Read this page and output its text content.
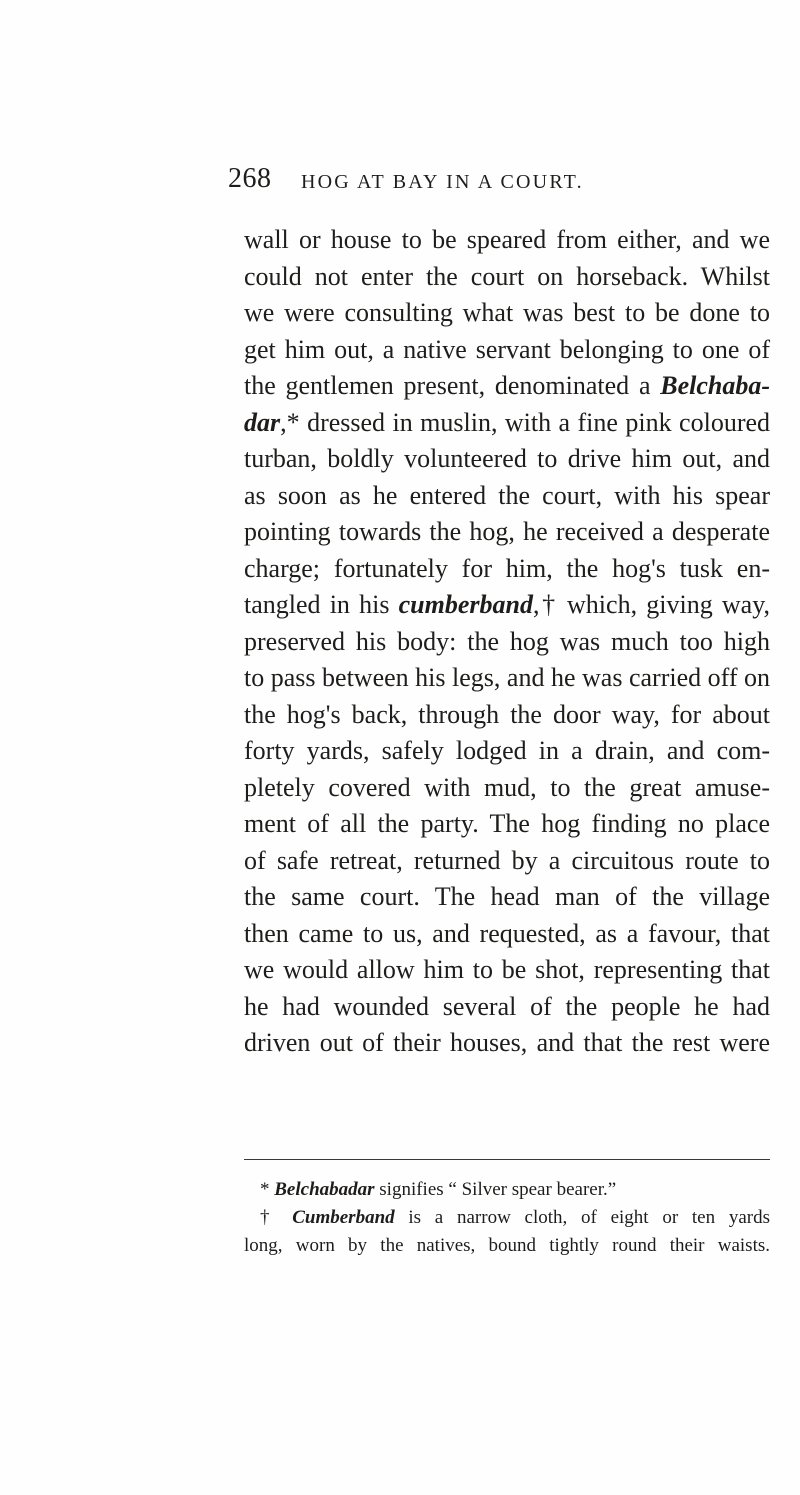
268 HOG AT BAY IN A COURT.
wall or house to be speared from either, and we
could not enter the court on horseback. Whilst
we were consulting what was best to be done to
get him out, a native servant belonging to one of
the gentlemen present, denominated a Belchaba-
dar,* dressed in muslin, with a fine pink coloured
turban, boldly volunteered to drive him out, and
as soon as he entered the court, with his spear
pointing towards the hog, he received a desperate
charge; fortunately for him, the hog's tusk en-
tangled in his cumberband,† which, giving way,
preserved his body: the hog was much too high
to pass between his legs, and he was carried off on
the hog's back, through the door way, for about
forty yards, safely lodged in a drain, and com-
pletely covered with mud, to the great amuse-
ment of all the party. The hog finding no place
of safe retreat, returned by a circuitous route to
the same court. The head man of the village
then came to us, and requested, as a favour, that
we would allow him to be shot, representing that
he had wounded several of the people he had
driven out of their houses, and that the rest were
* Belchabadar signifies “ Silver spear bearer.”
† Cumberband is a narrow cloth, of eight or ten yards
long, worn by the natives, bound tightly round their waists.
